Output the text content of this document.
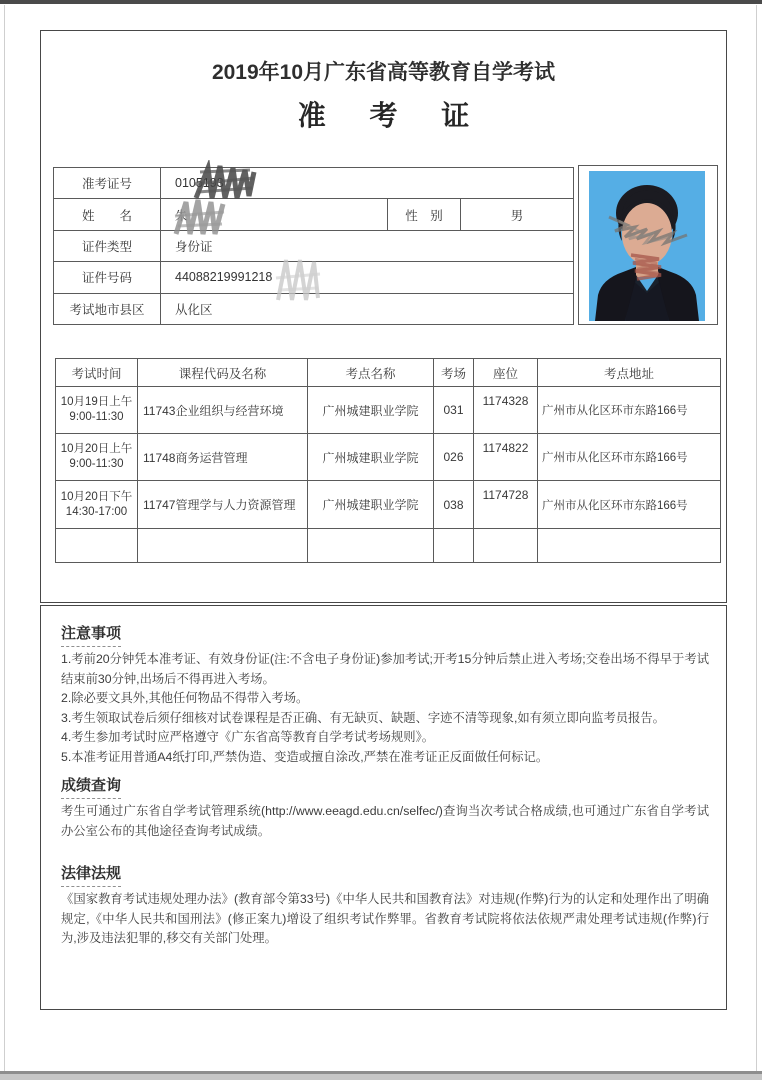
2019年10月广东省高等教育自学考试
准 考 证
准考证号	0105193		
姓　　名	朱	性　别	男
证件类型	身份证		
证件号码	44088219991218		
考试地市县区	从化区		
考试时间	课程代码及名称	考点名称	考场	座位	考点地址

10月19日上午
9:00-11:30	11743企业组织与经营环境	广州城建职业学院	031	1174328	广州市从化区环市东路166号

10月20日上午
9:00-11:30	11748商务运营管理	广州城建职业学院	026	1174822	广州市从化区环市东路166号

10月20日下午
14:30-17:00	11747管理学与人力资源管理	广州城建职业学院	038	1174728	广州市从化区环市东路166号

注意事项
1.考前20分钟凭本准考证、有效身份证(注:不含电子身份证)参加考试;开考15分钟后禁止进入考场;交卷出场不得早于考试结束前30分钟,出场后不得再进入考场。
2.除必要文具外,其他任何物品不得带入考场。
3.考生领取试卷后须仔细核对试卷课程是否正确、有无缺页、缺题、字迹不清等现象,如有须立即向监考员报告。
4.考生参加考试时应严格遵守《广东省高等教育自学考试考场规则》。
5.本准考证用普通A4纸打印,严禁伪造、变造或擅自涂改,严禁在准考证正反面做任何标记。
成绩查询
考生可通过广东省自学考试管理系统(http://www.eeagd.edu.cn/selfec/)查询当次考试合格成绩,也可通过广东省自学考试办公室公布的其他途径查询考试成绩。
法律法规
《国家教育考试违规处理办法》(教育部令第33号)《中华人民共和国教育法》对违规(作弊)行为的认定和处理作出了明确规定,《中华人民共和国刑法》(修正案九)增设了组织考试作弊罪。省教育考试院将依法依规严肃处理考试违规(作弊)行为,涉及违法犯罪的,移交有关部门处理。
